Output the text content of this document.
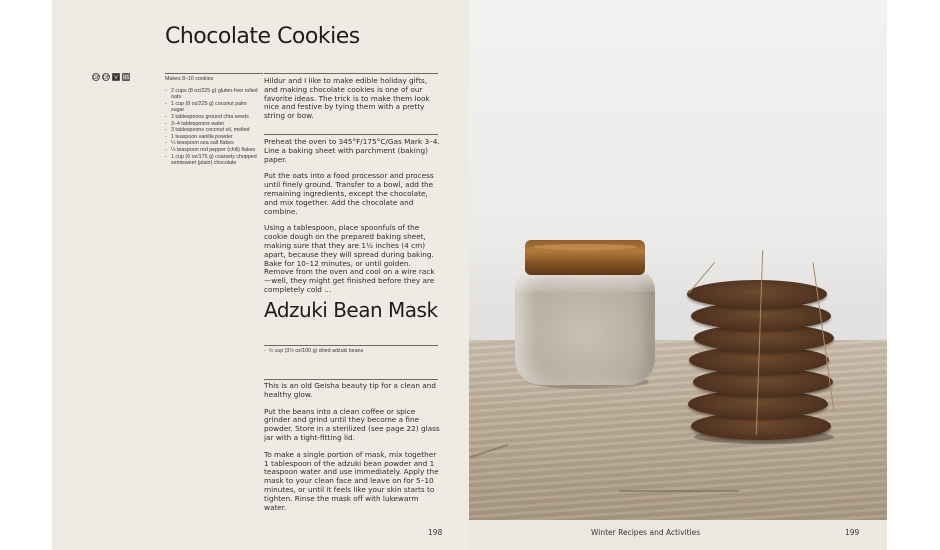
Chocolate Cookies
GF DF V	RS	Makes 8–10 cookies
- 2 cups (8 oz/225 g) gluten-free rolled oats
- 1 cup (8 oz/225 g) coconut palm sugar
- 2 tablespoons ground chia seeds
- 3–4 tablespoons water
- 3 tablespoons coconut oil, melted
- 1 teaspoon vanilla powder
- ¼ teaspoon sea salt flakes
- ¼ teaspoon red pepper (chili) flakes
- 1 cup (6 oz/175 g) coarsely chopped semisweet (plain) chocolate

Hildur and I like to make edible holiday gifts, and making chocolate cookies is one of our favorite ideas. The trick is to make them look nice and festive by tying them with a pretty string or bow.

Preheat the oven to 345°F/175°C/Gas Mark 3–4. Line a baking sheet with parchment (baking) paper.

Put the oats into a food processor and process until finely ground. Transfer to a bowl, add the remaining ingredients, except the chocolate, and mix together. Add the chocolate and combine.

Using a tablespoon, place spoonfuls of the cookie dough on the prepared baking sheet, making sure that they are 1½ inches (4 cm) apart, because they will spread during baking. Bake for 10–12 minutes, or until golden. Remove from the oven and cool on a wire rack—well, they might get finished before they are completely cold ...

Adzuki Bean Mask
-  ½ cup (3½ oz/100 g) dried adzuki beans

This is an old Geisha beauty tip for a clean and healthy glow.

Put the beans into a clean coffee or spice grinder and grind until they become a fine powder. Store in a sterilized (see page 22) glass jar with a tight-fitting lid.

To make a single portion of mask, mix together 1 tablespoon of the adzuki bean powder and 1 teaspoon water and use immediately. Apply the mask to your clean face and leave on for 5–10 minutes, or until it feels like your skin starts to tighten. Rinse the mask off with lukewarm water.

198	Winter Recipes and Activities	199
